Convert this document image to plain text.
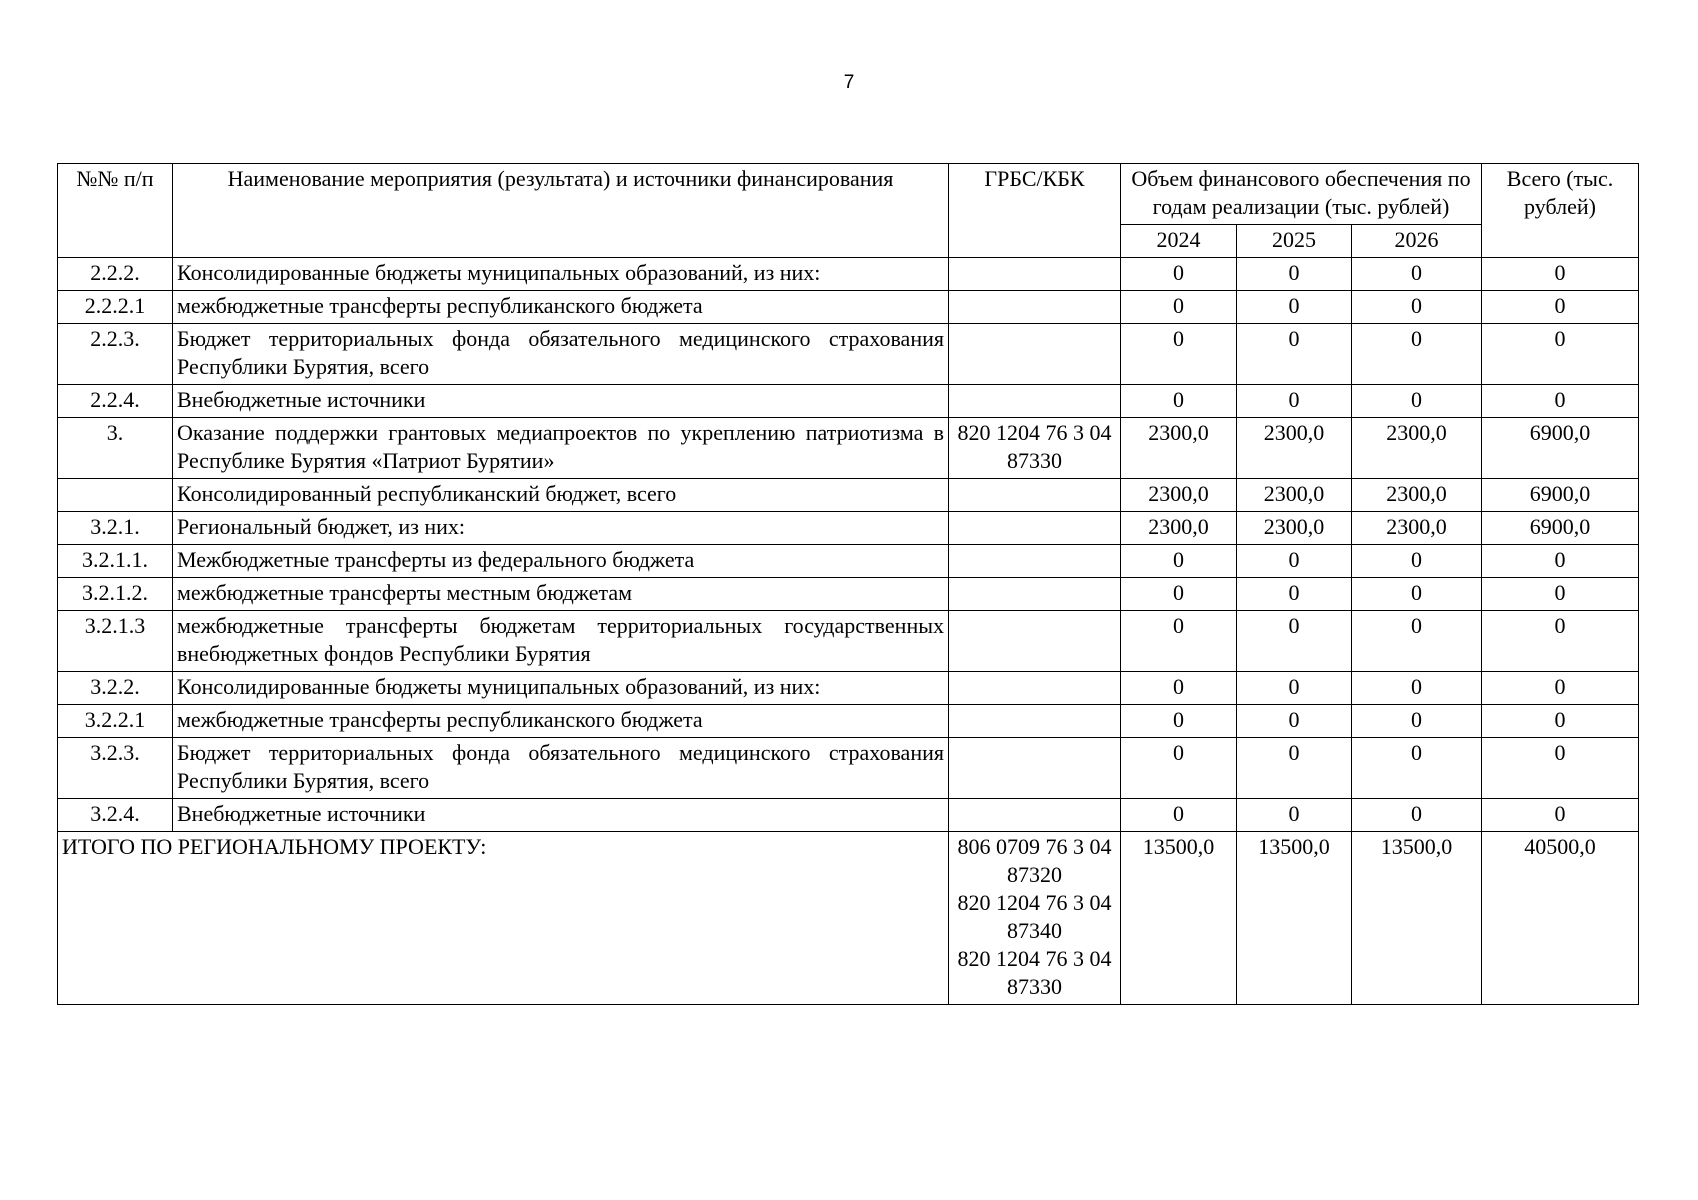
7
№№ п/п	Наименование мероприятия (результата) и источники финансирования	ГРБС/КБК	Объем финансового обеспечения по годам реализации (тыс. рублей)			Всего (тыс. рублей)
			2024	2025	2026	
2.2.2.	Консолидированные бюджеты муниципальных образований, из них:		0	0	0	0
2.2.2.1	межбюджетные трансферты республиканского бюджета		0	0	0	0
2.2.3.	Бюджет территориальных фонда обязательного медицинского страхования Республики Бурятия, всего		0	0	0	0
2.2.4.	Внебюджетные источники		0	0	0	0
3.	Оказание поддержки грантовых медиапроектов по укреплению патриотизма в Республике Бурятия «Патриот Бурятии»	820 1204 76 3 04 87330	2300,0	2300,0	2300,0	6900,0
	Консолидированный республиканский бюджет, всего		2300,0	2300,0	2300,0	6900,0
3.2.1.	Региональный бюджет, из них:		2300,0	2300,0	2300,0	6900,0
3.2.1.1.	Межбюджетные трансферты из федерального бюджета		0	0	0	0
3.2.1.2.	межбюджетные трансферты местным бюджетам		0	0	0	0
3.2.1.3	межбюджетные трансферты бюджетам территориальных государственных внебюджетных фондов Республики Бурятия		0	0	0	0
3.2.2.	Консолидированные бюджеты муниципальных образований, из них:		0	0	0	0
3.2.2.1	межбюджетные трансферты республиканского бюджета		0	0	0	0
3.2.3.	Бюджет территориальных фонда обязательного медицинского страхования Республики Бурятия, всего		0	0	0	0
3.2.4.	Внебюджетные источники		0	0	0	0
ИТОГО ПО РЕГИОНАЛЬНОМУ ПРОЕКТУ:		806 0709 76 3 04 87320
820 1204 76 3 04 87340
820 1204 76 3 04 87330	13500,0	13500,0	13500,0	40500,0
